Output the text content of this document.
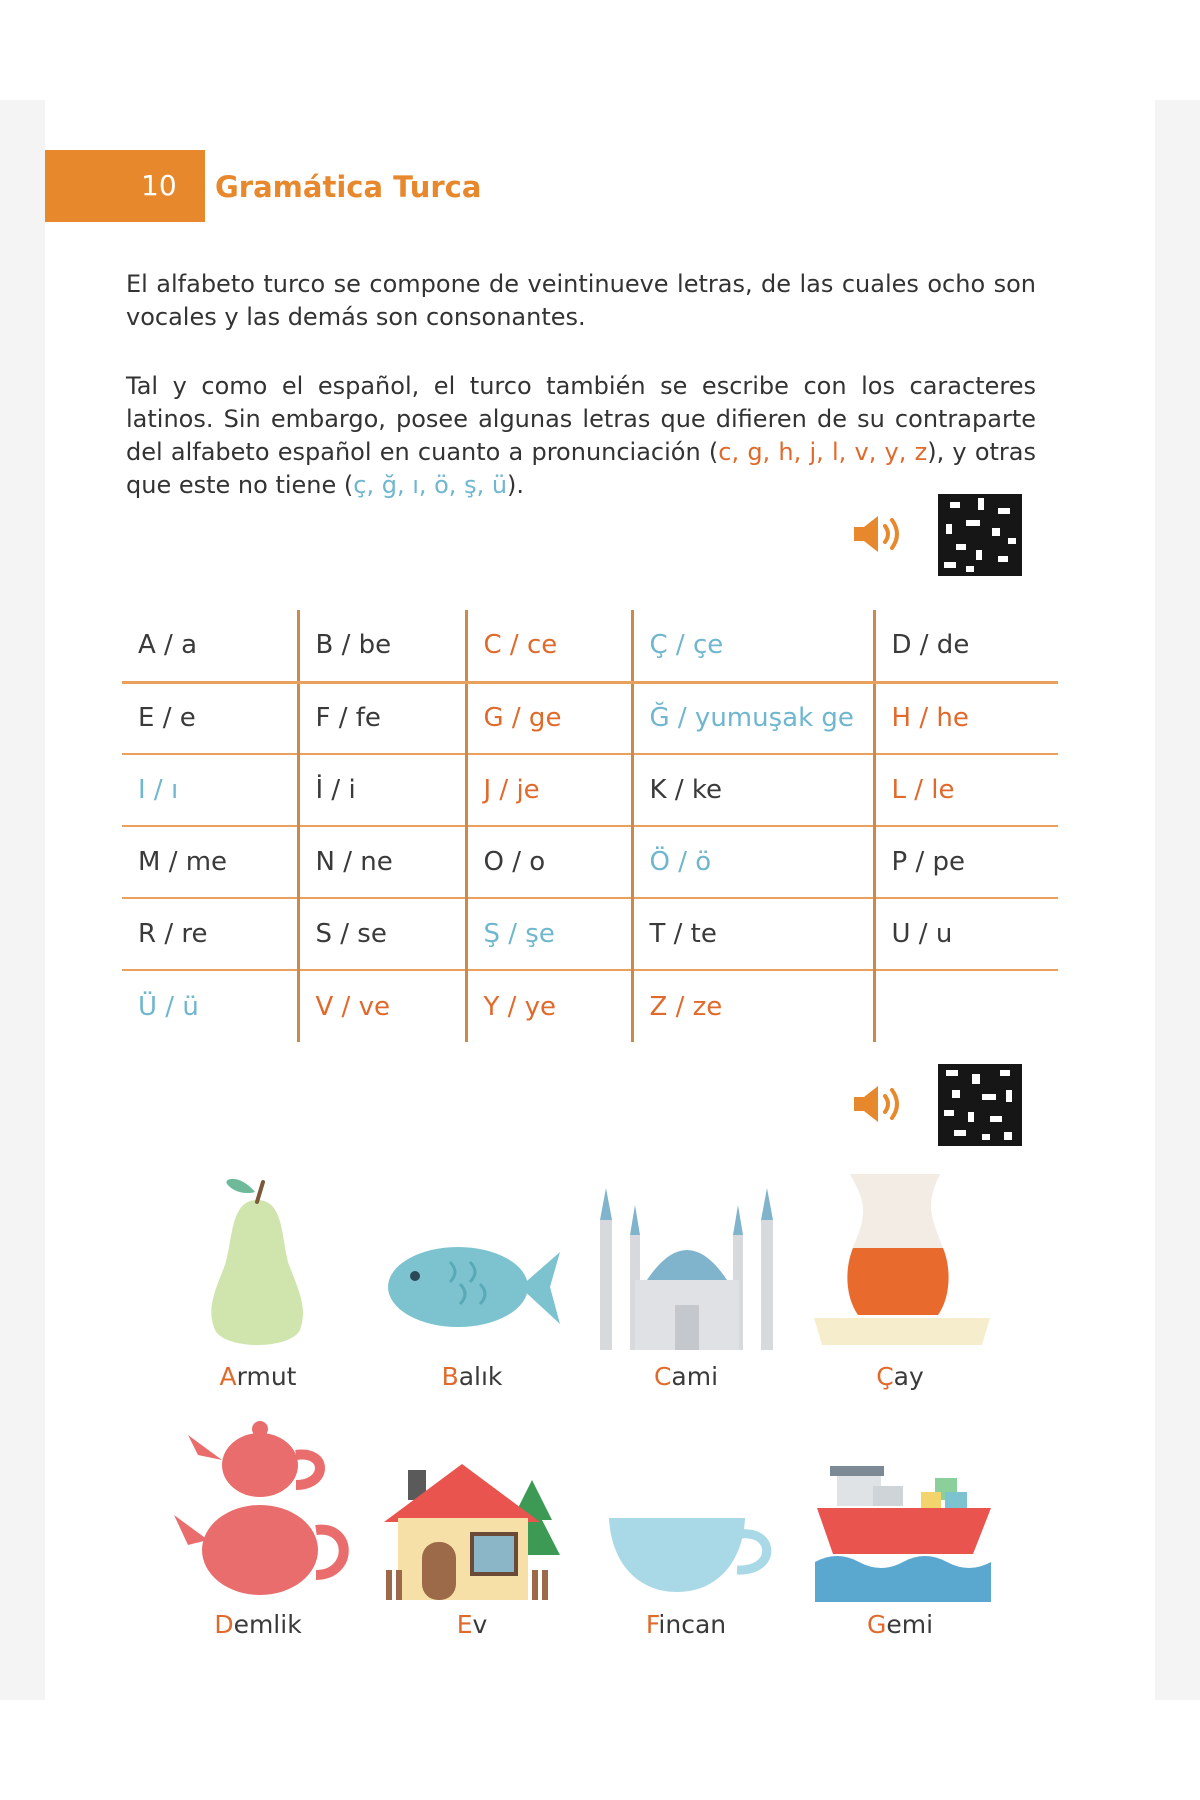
10	Gramática Turca

El alfabeto turco se compone de veintinueve letras, de las cuales ocho son vocales y las demás son consonantes.

Tal y como el español, el turco también se escribe con los caracteres latinos. Sin embargo, posee algunas letras que difieren de su contraparte del alfabeto español en cuanto a pronunciación (c, g, h, j, l, v, y, z), y otras que este no tiene (ç, ğ, ı, ö, ş, ü).

A / a	B / be	C / ce	Ç / çe	D / de
E / e	F / fe	G / ge	Ğ / yumuşak ge	H / he
I / ı	İ / i	J / je	K / ke	L / le
M / me	N / ne	O / o	Ö / ö	P / pe
R / re	S / se	Ş / şe	T / te	U / u
Ü / ü	V / ve	Y / ye	Z / ze	
Armut	Balık	Cami	Çay
Demlik	Ev	Fincan	Gemi
